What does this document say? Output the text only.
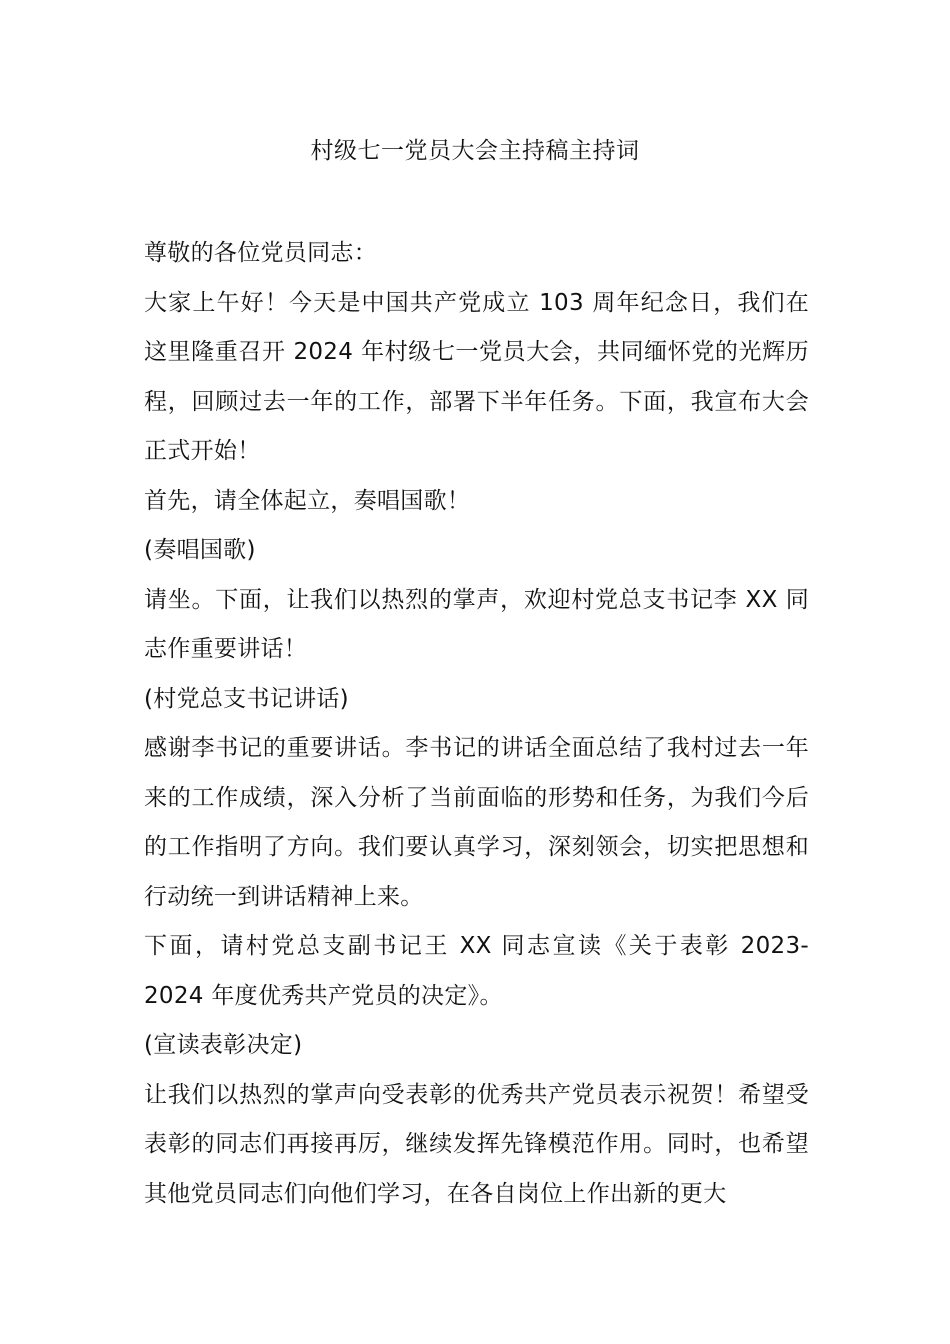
村级七一党员大会主持稿主持词

尊敬的各位党员同志：

大家上午好！今天是中国共产党成立 103 周年纪念日，我们在这里隆重召开 2024 年村级七一党员大会，共同缅怀党的光辉历程，回顾过去一年的工作，部署下半年任务。下面，我宣布大会正式开始！

首先，请全体起立，奏唱国歌！

(奏唱国歌)

请坐。下面，让我们以热烈的掌声，欢迎村党总支书记李 XX 同志作重要讲话！

(村党总支书记讲话)

感谢李书记的重要讲话。李书记的讲话全面总结了我村过去一年来的工作成绩，深入分析了当前面临的形势和任务，为我们今后的工作指明了方向。我们要认真学习，深刻领会，切实把思想和行动统一到讲话精神上来。

下面，请村党总支副书记王 XX 同志宣读《关于表彰 2023-2024 年度优秀共产党员的决定》。

(宣读表彰决定)

让我们以热烈的掌声向受表彰的优秀共产党员表示祝贺！希望受表彰的同志们再接再厉，继续发挥先锋模范作用。同时，也希望其他党员同志们向他们学习，在各自岗位上作出新的更大
